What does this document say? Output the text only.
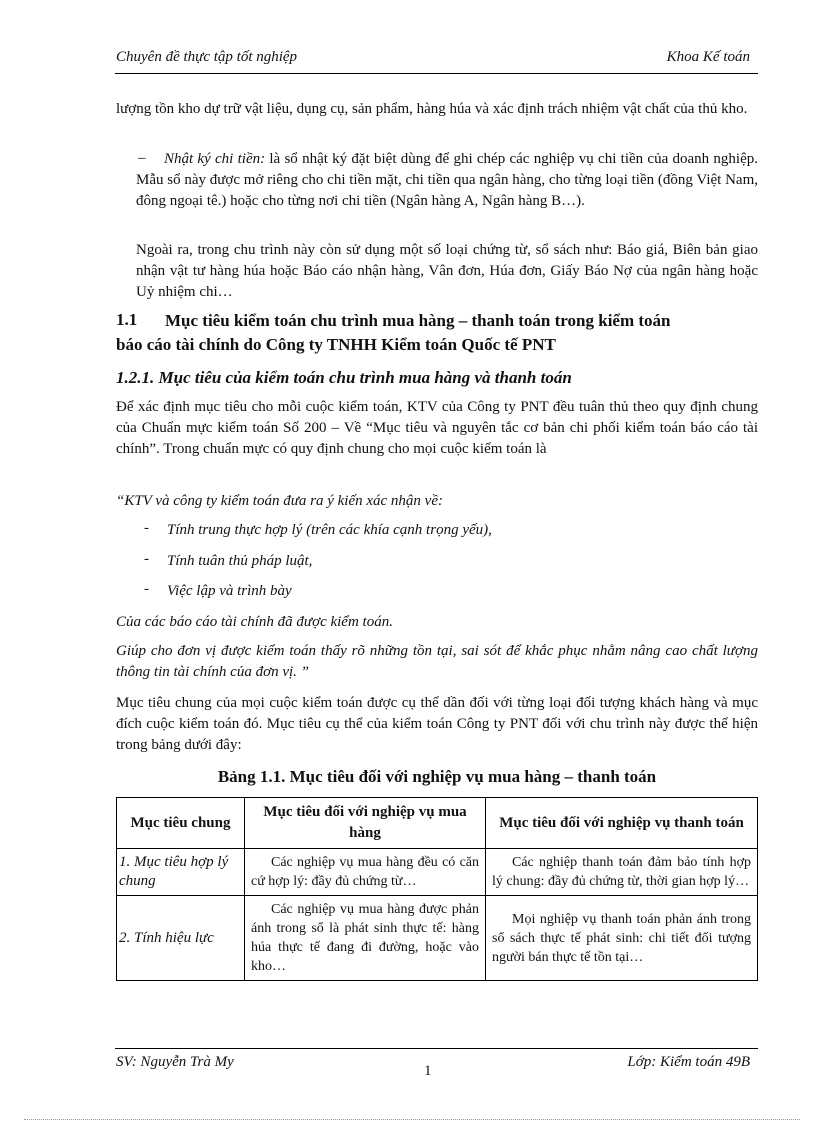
Chuyên đề thực tập tốt nghiệp	Khoa Kế toán
lượng tồn kho dự trữ vật liệu, dụng cụ, sản phẩm, hàng húa và xác định trách nhiệm vật chất của thủ kho.
–	Nhật ký chi tiền: là sổ nhật ký đặt biệt dùng để ghi chép các nghiệp vụ chi tiền của doanh nghiệp. Mẫu sổ này được mở riêng cho chi tiền mặt, chi tiền qua ngân hàng, cho từng loại tiền (đồng Việt Nam, đông ngoại tê.) hoặc cho từng nơi chi tiền (Ngân hàng A, Ngân hàng B…).
Ngoài ra, trong chu trình này còn sử dụng một số loại chứng từ, sổ sách như: Báo giá, Biên bản giao nhận vật tư hàng húa hoặc Báo cáo nhận hàng, Vân đơn, Húa đơn, Giấy Báo Nợ của ngân hàng hoặc Uỷ nhiệm chi…
1.1 Mục tiêu kiểm toán chu trình mua hàng – thanh toán trong kiểm toán
báo cáo tài chính do Công ty TNHH Kiểm toán Quốc tế PNT
1.2.1. Mục tiêu của kiểm toán chu trình mua hàng và thanh toán
Để xác định mục tiêu cho mỗi cuộc kiểm toán, KTV của Công ty PNT đều tuân thủ theo quy định chung của Chuẩn mực kiểm toán Số 200 – Về “Mục tiêu và nguyên tắc cơ bản chi phối kiểm toán báo cáo tài chính”. Trong chuẩn mực có quy định chung cho mọi cuộc kiểm toán là
“KTV và công ty kiểm toán đưa ra ý kiến xác nhận về:
- Tính trung thực hợp lý (trên các khía cạnh trọng yếu),
- Tính tuân thủ pháp luật,
- Việc lập và trình bày
Của các báo cáo tài chính đã được kiểm toán.
Giúp cho đơn vị được kiểm toán thấy rõ những tồn tại, sai sót để khắc phục nhằm nâng cao chất lượng thông tin tài chính của đơn vị. ”
Mục tiêu chung của mọi cuộc kiểm toán được cụ thể dần đối với từng loại đối tượng khách hàng và mục đích cuộc kiểm toán đó. Mục tiêu cụ thể của kiểm toán Công ty PNT đối với chu trình này được thể hiện trong bảng dưới đây:
Bảng 1.1. Mục tiêu đối với nghiệp vụ mua hàng – thanh toán
Mục tiêu chung	Mục tiêu đối với nghiệp vụ mua hàng	Mục tiêu đối với nghiệp vụ thanh toán
1. Mục tiêu hợp lý chung	Các nghiệp vụ mua hàng đều có căn cứ hợp lý: đầy đủ chứng từ…	Các nghiệp thanh toán đảm bảo tính hợp lý chung: đầy đủ chứng từ, thời gian hợp lý…
2. Tính hiệu lực	Các nghiệp vụ mua hàng được phản ánh trong sổ là phát sinh thực tế: hàng húa thực tế đang đi đường, hoặc vào kho…	Mọi nghiệp vụ thanh toán phản ánh trong sổ sách thực tế phát sinh: chi tiết đối tượng người bán thực tế tồn tại…
SV: Nguyễn Trà My
1
Lớp: Kiểm toán 49B
